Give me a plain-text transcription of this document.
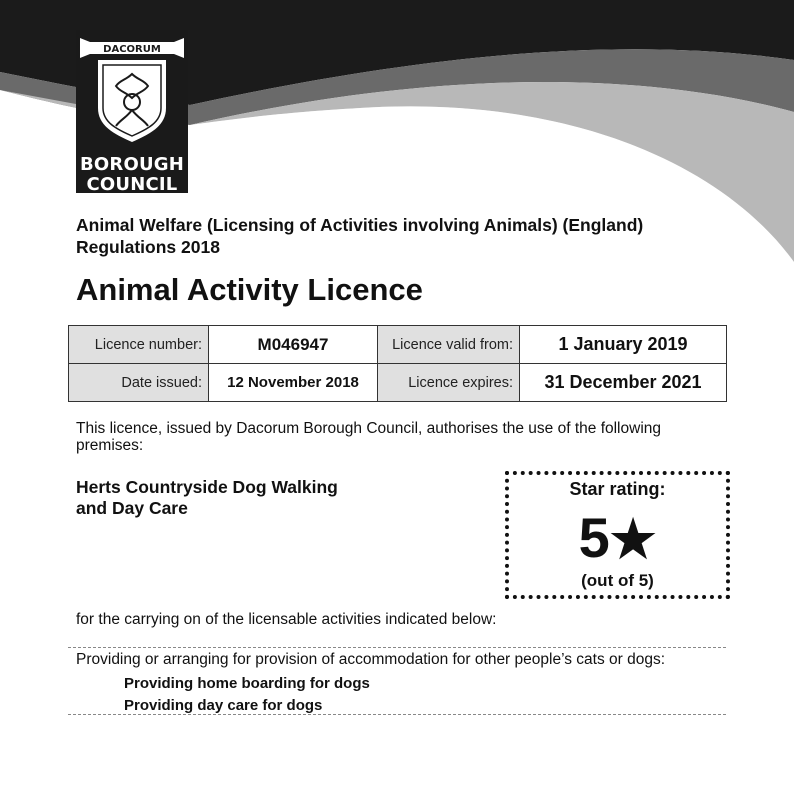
DACORUM
BOROUGH
COUNCIL
Animal Welfare (Licensing of Activities involving Animals) (England) Regulations 2018
Animal Activity Licence
Licence number:	M046947	Licence valid from:	1 January 2019
Date issued:	12 November 2018	Licence expires:	31 December 2021
This licence, issued by Dacorum Borough Council, authorises the use of the following premises:
Herts Countryside Dog Walking
and Day Care
Star rating:
5★
(out of 5)
for the carrying on of the licensable activities indicated below:
Providing or arranging for provision of accommodation for other people’s cats or dogs:
Providing home boarding for dogs
Providing day care for dogs
